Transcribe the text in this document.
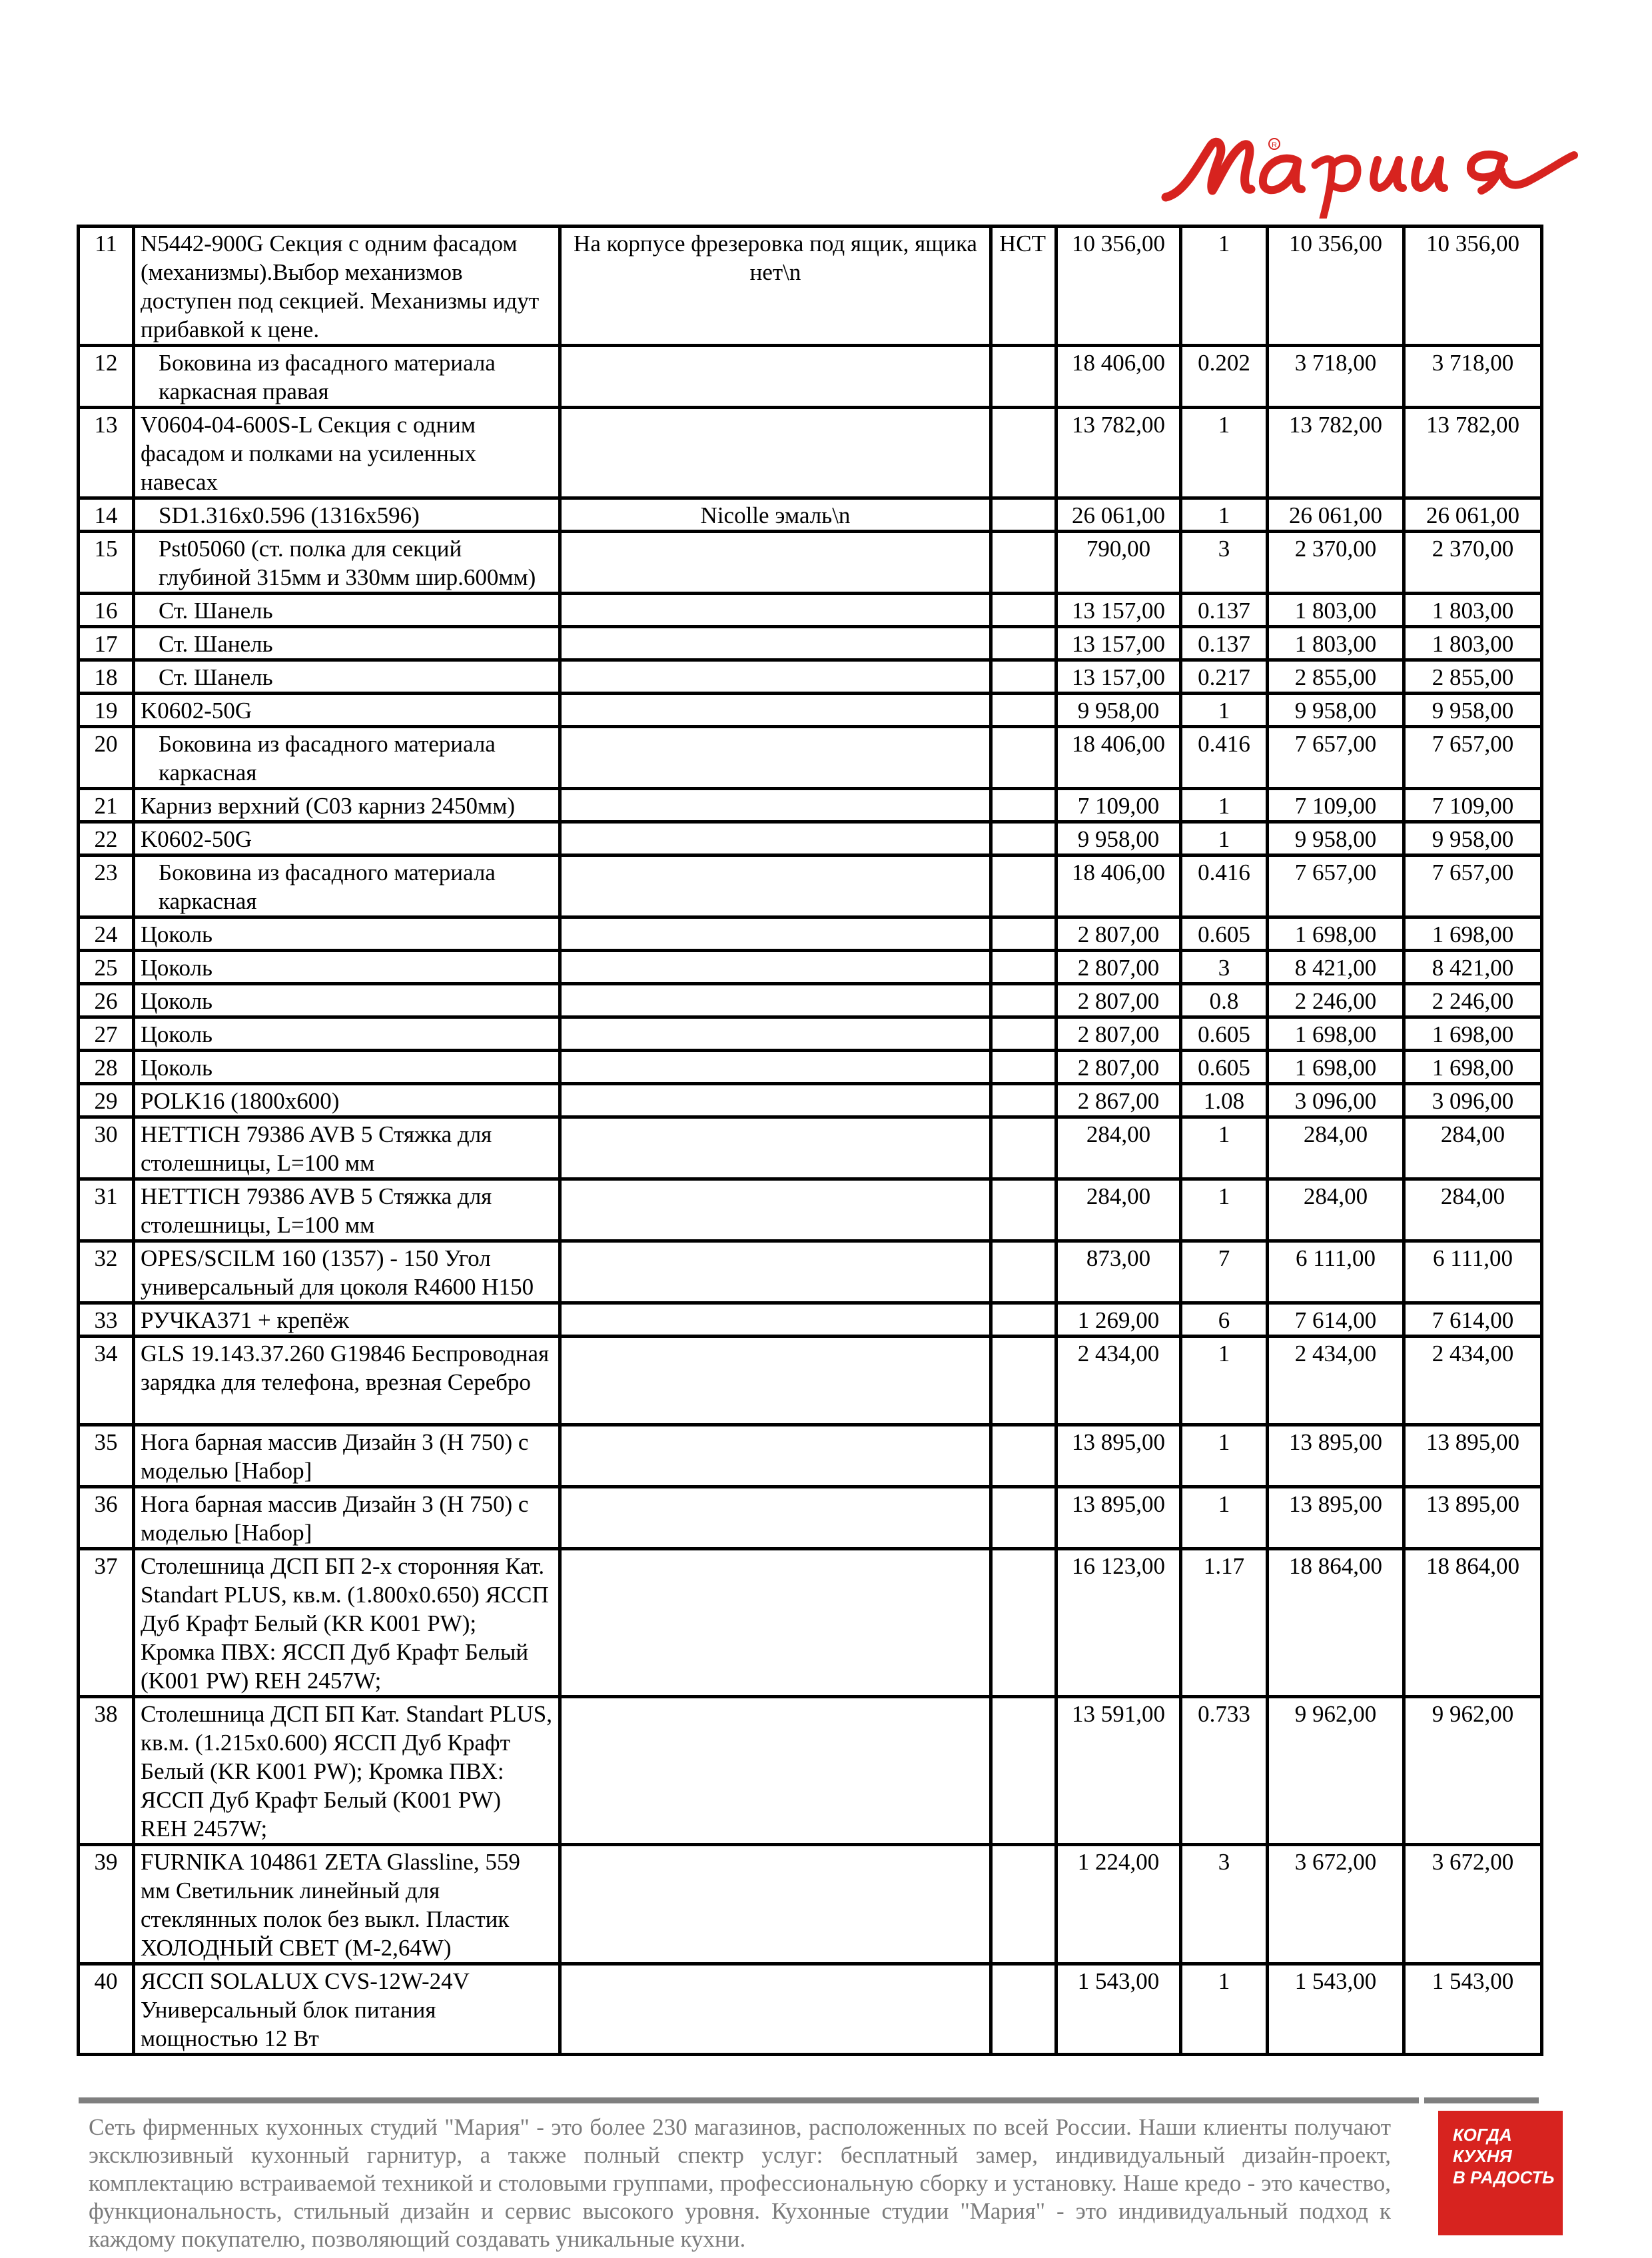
R
11	N5442-900G Секция с одним фасадом (механизмы).Выбор механизмов доступен под секцией. Механизмы идут прибавкой к цене.	На корпусе фрезеровка под ящик, ящика нет\n	НСТ	10 356,00	1	10 356,00	10 356,00
12	Боковина из фасадного материала каркасная правая			18 406,00	0.202	3 718,00	3 718,00
13	V0604-04-600S-L Секция с одним фасадом и полками на усиленных навесах			13 782,00	1	13 782,00	13 782,00
14	SD1.316x0.596 (1316x596)	Nicolle эмаль\n		26 061,00	1	26 061,00	26 061,00
15	Pst05060 (ст. полка для секций глубиной 315мм и 330мм шир.600мм)			790,00	3	2 370,00	2 370,00
16	Ст. Шанель			13 157,00	0.137	1 803,00	1 803,00
17	Ст. Шанель			13 157,00	0.137	1 803,00	1 803,00
18	Ст. Шанель			13 157,00	0.217	2 855,00	2 855,00
19	K0602-50G			9 958,00	1	9 958,00	9 958,00
20	Боковина из фасадного материала каркасная			18 406,00	0.416	7 657,00	7 657,00
21	Карниз верхний (С03 карниз 2450мм)			7 109,00	1	7 109,00	7 109,00
22	K0602-50G			9 958,00	1	9 958,00	9 958,00
23	Боковина из фасадного материала каркасная			18 406,00	0.416	7 657,00	7 657,00
24	Цоколь			2 807,00	0.605	1 698,00	1 698,00
25	Цоколь			2 807,00	3	8 421,00	8 421,00
26	Цоколь			2 807,00	0.8	2 246,00	2 246,00
27	Цоколь			2 807,00	0.605	1 698,00	1 698,00
28	Цоколь			2 807,00	0.605	1 698,00	1 698,00
29	POLK16 (1800x600)			2 867,00	1.08	3 096,00	3 096,00
30	HETTICH 79386 AVB 5 Стяжка для столешницы, L=100 мм			284,00	1	284,00	284,00
31	HETTICH 79386 AVB 5 Стяжка для столешницы, L=100 мм			284,00	1	284,00	284,00
32	OPES/SCILM 160 (1357) - 150 Угол универсальный для цоколя R4600 H150			873,00	7	6 111,00	6 111,00
33	РУЧКА371 + крепёж			1 269,00	6	7 614,00	7 614,00
34	GLS 19.143.37.260 G19846 Беспроводная зарядка для телефона, врезная Серебро			2 434,00	1	2 434,00	2 434,00
35	Нога барная массив Дизайн 3 (Н 750) с моделью [Набор]			13 895,00	1	13 895,00	13 895,00
36	Нога барная массив Дизайн 3 (Н 750) с моделью [Набор]			13 895,00	1	13 895,00	13 895,00
37	Столешница ДСП БП 2-х сторонняя Кат. Standart PLUS, кв.м. (1.800x0.650) ЯССП Дуб Крафт Белый (KR K001 PW); Кромка ПВХ: ЯССП Дуб Крафт Белый (K001 PW) REH 2457W;			16 123,00	1.17	18 864,00	18 864,00
38	Столешница ДСП БП Кат. Standart PLUS, кв.м. (1.215x0.600) ЯССП Дуб Крафт Белый (KR K001 PW); Кромка ПВХ: ЯССП Дуб Крафт Белый (K001 PW) REH 2457W;			13 591,00	0.733	9 962,00	9 962,00
39	FURNIKA 104861 ZETA Glassline, 559 мм Светильник линейный для стеклянных полок без выкл. Пластик ХОЛОДНЫЙ СВЕТ (М-2,64W)			1 224,00	3	3 672,00	3 672,00
40	ЯССП SOLALUX CVS-12W-24V Универсальный блок питания мощностью 12 Вт			1 543,00	1	1 543,00	1 543,00
Сеть фирменных кухонных студий "Мария" - это более 230 магазинов, расположенных по всей России. Наши клиенты получают эксклюзивный кухонный гарнитур, а также полный спектр услуг: бесплатный замер, индивидуальный дизайн-проект, комплектацию встраиваемой техникой и столовыми группами, профессиональную сборку и установку. Наше кредо - это качество, функциональность, стильный дизайн и сервис высокого уровня. Кухонные студии "Мария" - это индивидуальный подход к каждому покупателю, позволяющий создавать уникальные кухни.
КОГДА
КУХНЯ
В РАДОСТЬ
